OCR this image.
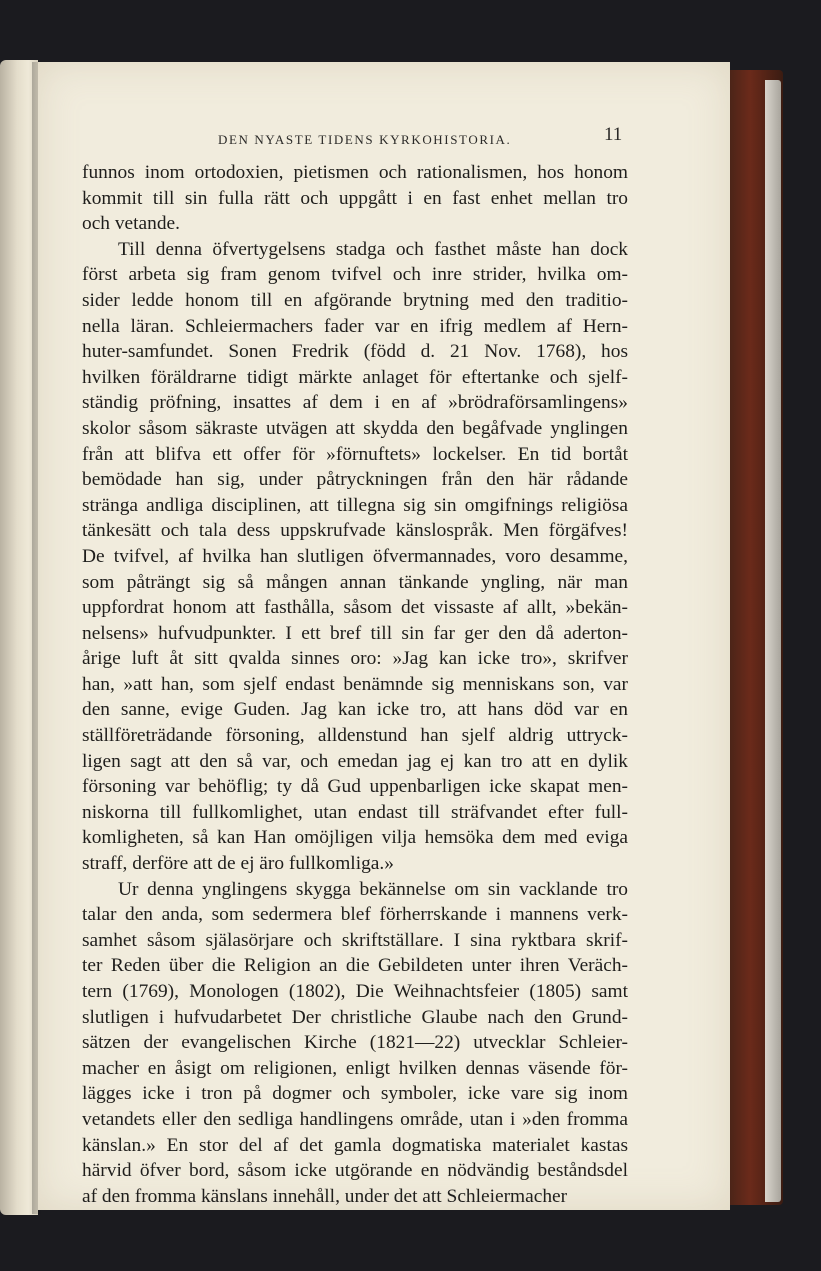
DEN NYASTE TIDENS KYRKOHISTORIA.	11
funnos inom ortodoxien, pietismen och rationalismen, hos honom
kommit till sin fulla rätt och uppgått i en fast enhet mellan tro
och vetande.
Till denna öfvertygelsens stadga och fasthet måste han dock
först arbeta sig fram genom tvifvel och inre strider, hvilka om-
sider ledde honom till en afgörande brytning med den traditio-
nella läran. Schleiermachers fader var en ifrig medlem af Hern-
huter-samfundet. Sonen Fredrik (född d. 21 Nov. 1768), hos
hvilken föräldrarne tidigt märkte anlaget för eftertanke och sjelf-
ständig pröfning, insattes af dem i en af »brödraförsamlingens»
skolor såsom säkraste utvägen att skydda den begåfvade ynglingen
från att blifva ett offer för »förnuftets» lockelser. En tid bortåt
bemödade han sig, under påtryckningen från den här rådande
stränga andliga disciplinen, att tillegna sig sin omgifnings religiösa
tänkesätt och tala dess uppskrufvade känslospråk. Men förgäfves!
De tvifvel, af hvilka han slutligen öfvermannades, voro desamme,
som påträngt sig så mången annan tänkande yngling, när man
uppfordrat honom att fasthålla, såsom det vissaste af allt, »bekän-
nelsens» hufvudpunkter. I ett bref till sin far ger den då aderton-
årige luft åt sitt qvalda sinnes oro: »Jag kan icke tro», skrifver
han, »att han, som sjelf endast benämnde sig menniskans son, var
den sanne, evige Guden. Jag kan icke tro, att hans död var en
ställföreträdande försoning, alldenstund han sjelf aldrig uttryck-
ligen sagt att den så var, och emedan jag ej kan tro att en dylik
försoning var behöflig; ty då Gud uppenbarligen icke skapat men-
niskorna till fullkomlighet, utan endast till sträfvandet efter full-
komligheten, så kan Han omöjligen vilja hemsöka dem med eviga
straff, derföre att de ej äro fullkomliga.»
Ur denna ynglingens skygga bekännelse om sin vacklande tro
talar den anda, som sedermera blef förherrskande i mannens verk-
samhet såsom själasörjare och skriftställare. I sina ryktbara skrif-
ter Reden über die Religion an die Gebildeten unter ihren Veräch-
tern (1769), Monologen (1802), Die Weihnachtsfeier (1805) samt
slutligen i hufvudarbetet Der christliche Glaube nach den Grund-
sätzen der evangelischen Kirche (1821—22) utvecklar Schleier-
macher en åsigt om religionen, enligt hvilken dennas väsende för-
lägges icke i tron på dogmer och symboler, icke vare sig inom
vetandets eller den sedliga handlingens område, utan i »den fromma
känslan.» En stor del af det gamla dogmatiska materialet kastas
härvid öfver bord, såsom icke utgörande en nödvändig beståndsdel
af den fromma känslans innehåll, under det att Schleiermacher
